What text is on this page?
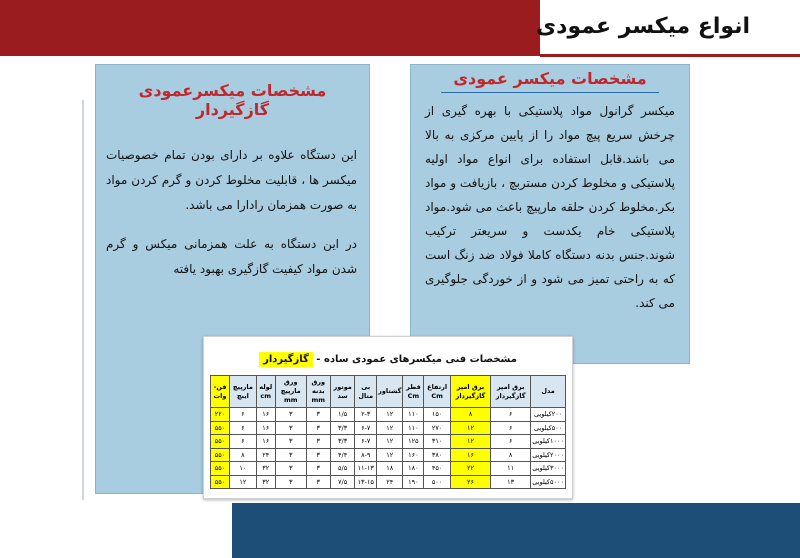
انواع میکسر عمودی
مشخصات میکسرعمودی گازگیردار

این دستگاه علاوه بر دارای بودن تمام خصوصیات میکسر ها ، قابلیت مخلوط کردن و گرم کردن مواد به صورت همزمان رادارا می باشد.

در این دستگاه به علت همزمانی میکس و گرم شدن مواد کیفیت گازگیری بهبود یافته

مشخصات میکسر عمودی
میکسر گرانول مواد پلاستیکی با بهره گیری از چرخش سریع پیچ مواد را از پایین مرکزی به بالا می باشد.قابل استفاده برای انواع مواد اولیه پلاستیکی و مخلوط کردن مستربچ ، بازیافت و مواد بکر.مخلوط کردن حلقه مارپیچ باعث می شود.مواد پلاستیکی خام یکدست و سریعتر ترکیب شوند.جنس بدنه دستگاه کاملا فولاد ضد زنگ است که به راحتی تمیز می شود و از خوردگی جلوگیری می کند.
مشخصات فنی میکسرهای عمودی ساده - گازگیردار
مدل	برق امپر گازگیردار	برق امپر گازگیردار	ارتفاع Cm	قطر Cm	گشتاور	بی متال	موتور سد	ورق بدنه mm	ورق مارپیچ mm	لوله cm	مارپیچ اینچ	فن-وات
۲۰۰کیلویی	۶	۸	۱۵۰	۱۱۰	۱۲	۲-۳	۱/۵	۳	۳	۱۶	۶	۲۲۰
۵۰۰کیلویی	۶	۱۲	۲۷۰	۱۱۰	۱۲	۶-۷	۳/۳	۳	۳	۱۶	۶	۵۵۰
۱۰۰۰کیلویی	۶	۱۲	۳۱۰	۱۲۵	۱۲	۶-۷	۳/۳	۳	۳	۱۶	۶	۵۵۰
۲۰۰۰کیلویی	۸	۱۶	۳۸۰	۱۶۰	۱۲	۸-۹	۴/۴	۳	۳	۲۴	۸	۵۵۰
۳۰۰۰کیلویی	۱۱	۲۲	۴۵۰	۱۸۰	۱۸	۱۱-۱۳	۵/۵	۳	۳	۳۲	۱۰	۵۵۰
۵۰۰۰کیلویی	۱۳	۲۶	۵۰۰	۱۹۰	۲۴	۱۳-۱۵	۷/۵	۳	۳	۳۲	۱۲	۵۵۰
